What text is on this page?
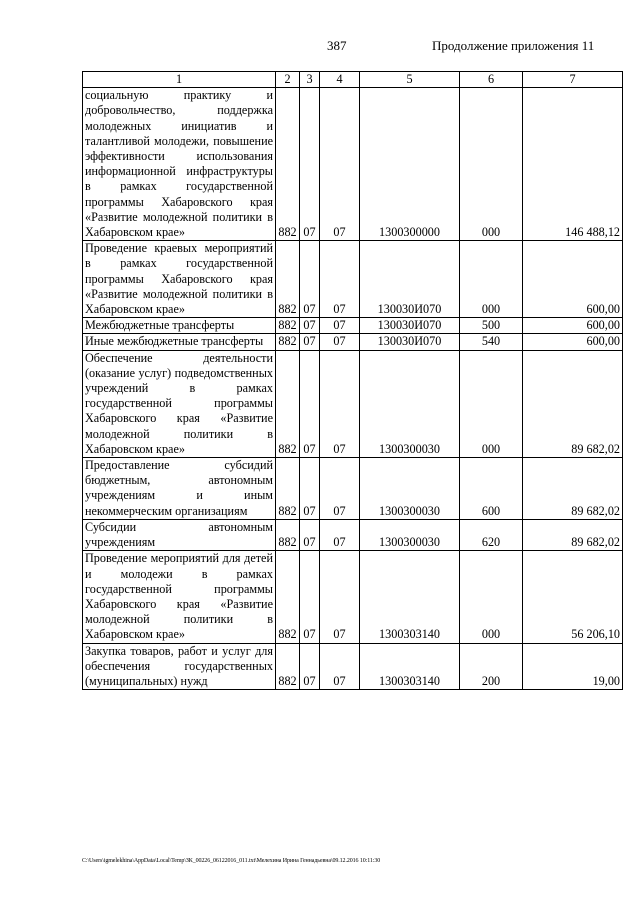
387	Продолжение приложения 11
1	2	3	4	5	6	7
социальную практику и добровольчество, поддержка молодежных инициатив и талантливой молодежи, повышение эффективности использования информационной инфраструктуры в рамках государственной программы Хабаровского края «Развитие молодежной политики в Хабаровском крае»	882	07	07	1300300000	000	146 488,12
Проведение краевых мероприятий в рамках государственной программы Хабаровского края «Развитие молодежной политики в Хабаровском крае»	882	07	07	130030И070	000	600,00
Межбюджетные трансферты	882	07	07	130030И070	500	600,00
Иные межбюджетные трансферты	882	07	07	130030И070	540	600,00
Обеспечение деятельности (оказание услуг) подведомственных учреждений в рамках государственной программы Хабаровского края «Развитие молодежной политики в Хабаровском крае»	882	07	07	1300300030	000	89 682,02
Предоставление субсидий бюджетным, автономным учреждениям и иным некоммерческим организациям	882	07	07	1300300030	600	89 682,02
Субсидии автономным учреждениям	882	07	07	1300300030	620	89 682,02
Проведение мероприятий для детей и молодежи в рамках государственной программы Хабаровского края «Развитие молодежной политики в Хабаровском крае»	882	07	07	1300303140	000	56 206,10
Закупка товаров, работ и услуг для обеспечения государственных (муниципальных) нужд	882	07	07	1300303140	200	19,00
C:\Users\igmelekhina\AppData\Local\Temp\ЗК_00226_06122016_011.txt\Мелехина Ирина Геннадьевна\09.12.2016 10:11:30
